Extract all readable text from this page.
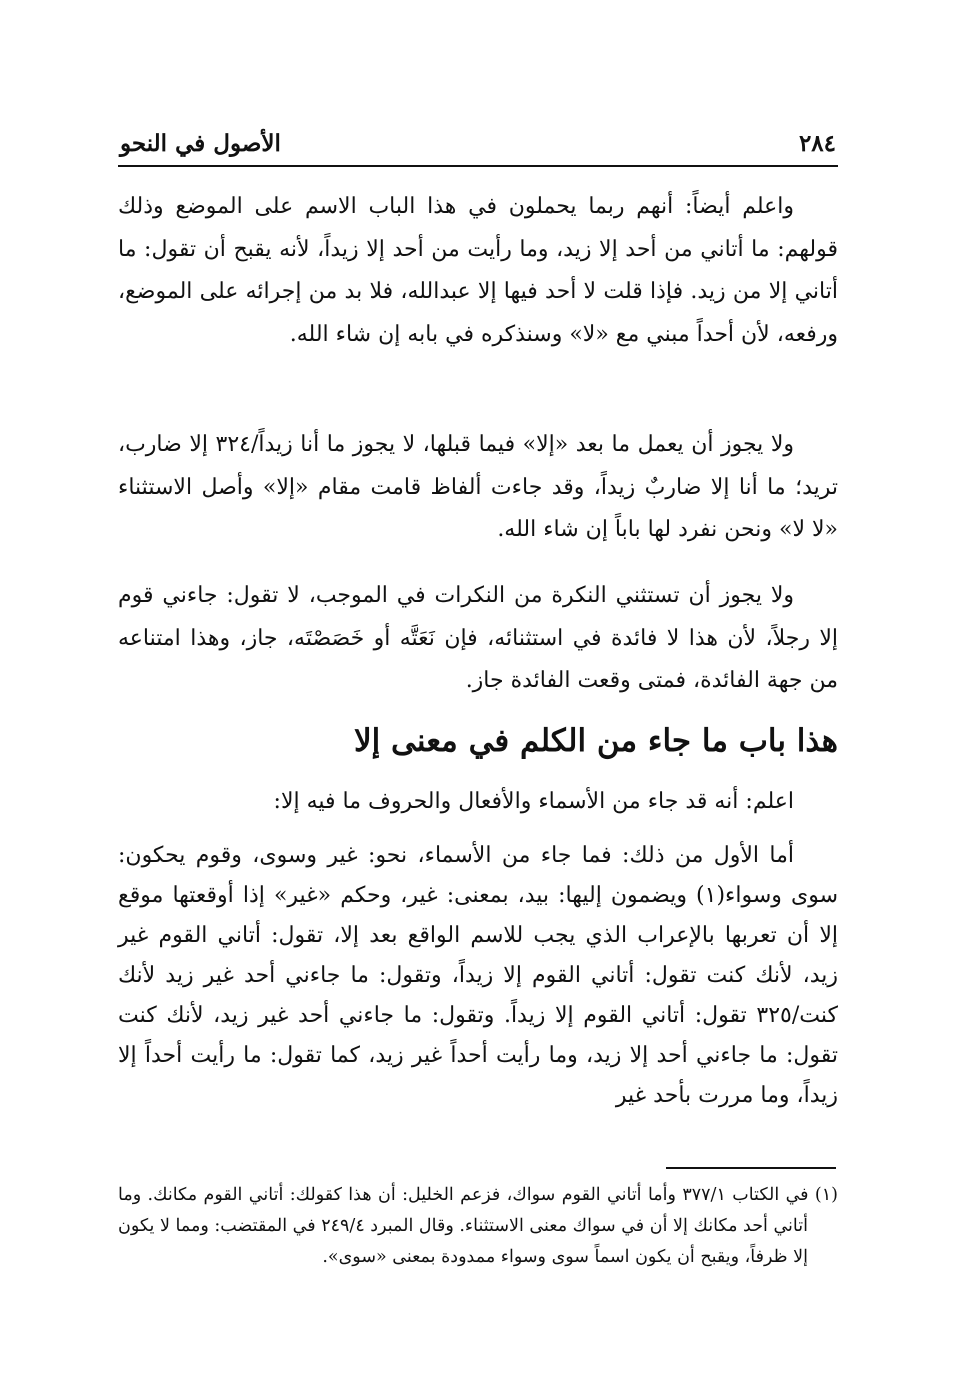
الأصول في النحو	٢٨٤

واعلم أيضاً: أنهم ربما يحملون في هذا الباب الاسم على الموضع وذلك قولهم: ما أتاني من أحد إلا زيد، وما رأيت من أحد إلا زيداً، لأنه يقبح أن تقول: ما أتاني إلا من زيد. فإذا قلت لا أحد فيها إلا عبدالله، فلا بد من إجرائه على الموضع، ورفعه، لأن أحداً مبني مع «لا» وسنذكره في بابه إن شاء الله.

ولا يجوز أن يعمل ما بعد «إلا» فيما قبلها، لا يجوز ما أنا زيداً/٣٢٤ إلا ضارب، تريد؛ ما أنا إلا ضاربٌ زيداً، وقد جاءت ألفاظ قامت مقام «إلا» وأصل الاستثناء «لا لا» ونحن نفرد لها باباً إن شاء الله.

ولا يجوز أن تستثني النكرة من النكرات في الموجب، لا تقول: جاءني قوم إلا رجلاً، لأن هذا لا فائدة في استثنائه، فإن نَعَتَّه أو خَصَصْتَه، جاز، وهذا امتناعه من جهة الفائدة، فمتى وقعت الفائدة جاز.

هذا باب ما جاء من الكلم في معنى إلا

اعلم: أنه قد جاء من الأسماء والأفعال والحروف ما فيه إلا:

أما الأول من ذلك: فما جاء من الأسماء، نحو: غير وسوى، وقوم يحكون: سوى وسواء(١) ويضمون إليها: بيد، بمعنى: غير، وحكم «غير» إذا أوقعتها موقع إلا أن تعربها بالإعراب الذي يجب للاسم الواقع بعد إلا، تقول: أتاني القوم غير زيد، لأنك كنت تقول: أتاني القوم إلا زيداً، وتقول: ما جاءني أحد غير زيد لأنك كنت/٣٢٥ تقول: أتاني القوم إلا زيداً. وتقول: ما جاءني أحد غير زيد، لأنك كنت تقول: ما جاءني أحد إلا زيد، وما رأيت أحداً غير زيد، كما تقول: ما رأيت أحداً إلا زيداً، وما مررت بأحد غير

(١) في الكتاب ٣٧٧/١ وأما أتاني القوم سواك، فزعم الخليل: أن هذا كقولك: أتاني القوم مكانك. وما أتاني أحد مكانك إلا أن في سواك معنى الاستثناء. وقال المبرد ٢٤٩/٤ في المقتضب: ومما لا يكون إلا ظرفاً، ويقبح أن يكون اسماً سوى وسواء ممدودة بمعنى «سوى».
